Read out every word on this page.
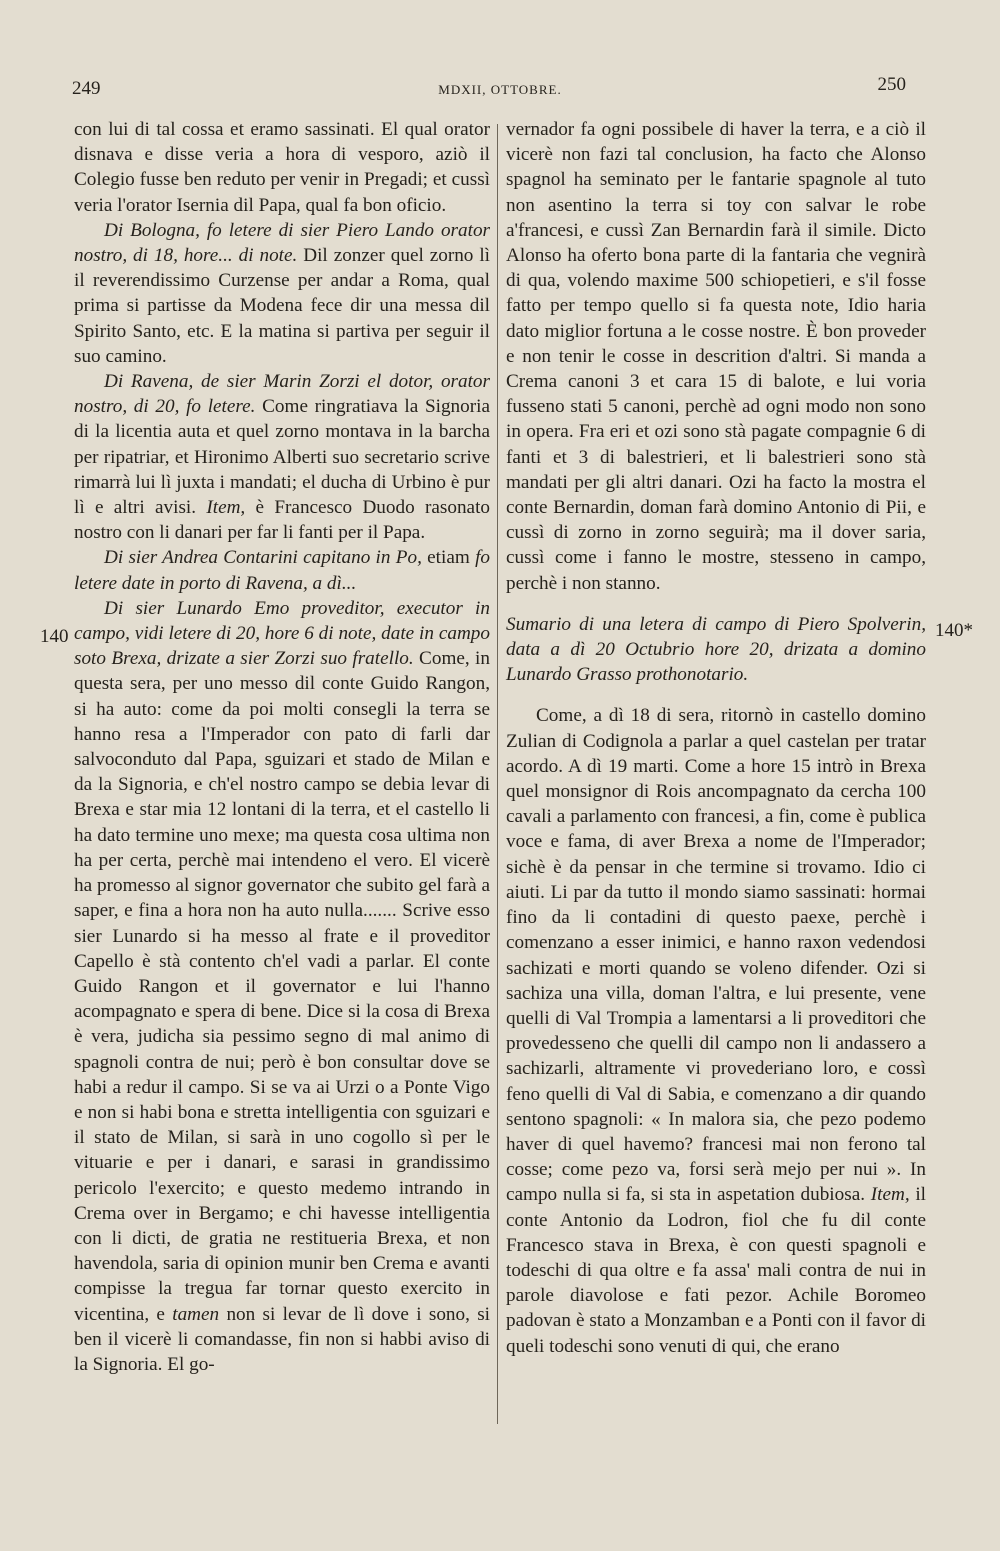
249	MDXII, OTTOBRE.	250
140	140*

con lui di tal cossa et eramo sassinati. El qual orator disnava e disse veria a hora di vesporo, aziò il Colegio fusse ben reduto per venir in Pregadi; et cussì veria l'orator Isernia dil Papa, qual fa bon oficio.

Di Bologna, fo letere di sier Piero Lando orator nostro, di 18, hore... di note. Dil zonzer quel zorno lì il reverendissimo Curzense per andar a Roma, qual prima si partisse da Modena fece dir una messa dil Spirito Santo, etc. E la matina si partiva per seguir il suo camino.

Di Ravena, de sier Marin Zorzi el dotor, orator nostro, di 20, fo letere. Come ringratiava la Signoria di la licentia auta et quel zorno montava in la barcha per ripatriar, et Hironimo Alberti suo secretario scrive rimarrà lui lì juxta i mandati; el ducha di Urbino è pur lì e altri avisi. Item, è Francesco Duodo rasonato nostro con li danari per far li fanti per il Papa.

Di sier Andrea Contarini capitano in Po, etiam fo letere date in porto di Ravena, a dì...

Di sier Lunardo Emo proveditor, executor in campo, vidi letere di 20, hore 6 di note, date in campo soto Brexa, drizate a sier Zorzi suo fratello. Come, in questa sera, per uno messo dil conte Guido Rangon, si ha auto: come da poi molti consegli la terra se hanno resa a l'Imperador con pato di farli dar salvoconduto dal Papa, sguizari et stado de Milan e da la Signoria, e ch'el nostro campo se debia levar di Brexa e star mia 12 lontani di la terra, et el castello li ha dato termine uno mexe; ma questa cosa ultima non ha per certa, perchè mai intendeno el vero. El vicerè ha promesso al signor governator che subito gel farà a saper, e fina a hora non ha auto nulla....... Scrive esso sier Lunardo si ha messo al frate e il proveditor Capello è stà contento ch'el vadi a parlar. El conte Guido Rangon et il governator e lui l'hanno acompagnato e spera di bene. Dice si la cosa di Brexa è vera, judicha sia pessimo segno di mal animo di spagnoli contra de nui; però è bon consultar dove se habi a redur il campo. Si se va ai Urzi o a Ponte Vigo e non si habi bona e stretta intelligentia con sguizari e il stato de Milan, si sarà in uno cogollo sì per le vituarie e per i danari, e sarasi in grandissimo pericolo l'exercito; e questo medemo intrando in Crema over in Bergamo; e chi havesse intelligentia con li dicti, de gratia ne restitueria Brexa, et non havendola, saria di opinion munir ben Crema e avanti compisse la tregua far tornar questo exercito in vicentina, e tamen non si levar de lì dove i sono, si ben il vicerè li comandasse, fin non si habbi aviso di la Signoria. El go-

vernador fa ogni possibele di haver la terra, e a ciò il vicerè non fazi tal conclusion, ha facto che Alonso spagnol ha seminato per le fantarie spagnole al tuto non asentino la terra si toy con salvar le robe a'francesi, e cussì Zan Bernardin farà il simile. Dicto Alonso ha oferto bona parte di la fantaria che vegnirà di qua, volendo maxime 500 schiopetieri, e s'il fosse fatto per tempo quello si fa questa note, Idio haria dato miglior fortuna a le cosse nostre. È bon proveder e non tenir le cosse in descrition d'altri. Si manda a Crema canoni 3 et cara 15 di balote, e lui voria fusseno stati 5 canoni, perchè ad ogni modo non sono in opera. Fra eri et ozi sono stà pagate compagnie 6 di fanti et 3 di balestrieri, et li balestrieri sono stà mandati per gli altri danari. Ozi ha facto la mostra el conte Bernardin, doman farà domino Antonio di Pii, e cussì di zorno in zorno seguirà; ma il dover saria, cussì come i fanno le mostre, stesseno in campo, perchè i non stanno.

Sumario di una letera di campo di Piero Spolverin, data a dì 20 Octubrio hore 20, drizata a domino Lunardo Grasso prothonotario.

Come, a dì 18 di sera, ritornò in castello domino Zulian di Codignola a parlar a quel castelan per tratar acordo. A dì 19 marti. Come a hore 15 intrò in Brexa quel monsignor di Rois ancompagnato da cercha 100 cavali a parlamento con francesi, a fin, come è publica voce e fama, di aver Brexa a nome de l'Imperador; sichè è da pensar in che termine si trovamo. Idio ci aiuti. Li par da tutto il mondo siamo sassinati: hormai fino da li contadini di questo paexe, perchè i comenzano a esser inimici, e hanno raxon vedendosi sachizati e morti quando se voleno difender. Ozi si sachiza una villa, doman l'altra, e lui presente, vene quelli di Val Trompia a lamentarsi a li proveditori che provedesseno che quelli dil campo non li andassero a sachizarli, altramente vi provederiano loro, e cossì feno quelli di Val di Sabia, e comenzano a dir quando sentono spagnoli: « In malora sia, che pezo podemo haver di quel havemo? francesi mai non ferono tal cosse; come pezo va, forsi serà mejo per nui ». In campo nulla si fa, si sta in aspetation dubiosa. Item, il conte Antonio da Lodron, fiol che fu dil conte Francesco stava in Brexa, è con questi spagnoli e todeschi di qua oltre e fa assa' mali contra de nui in parole diavolose e fati pezor. Achile Boromeo padovan è stato a Monzamban e a Ponti con il favor di queli todeschi sono venuti di qui, che erano
